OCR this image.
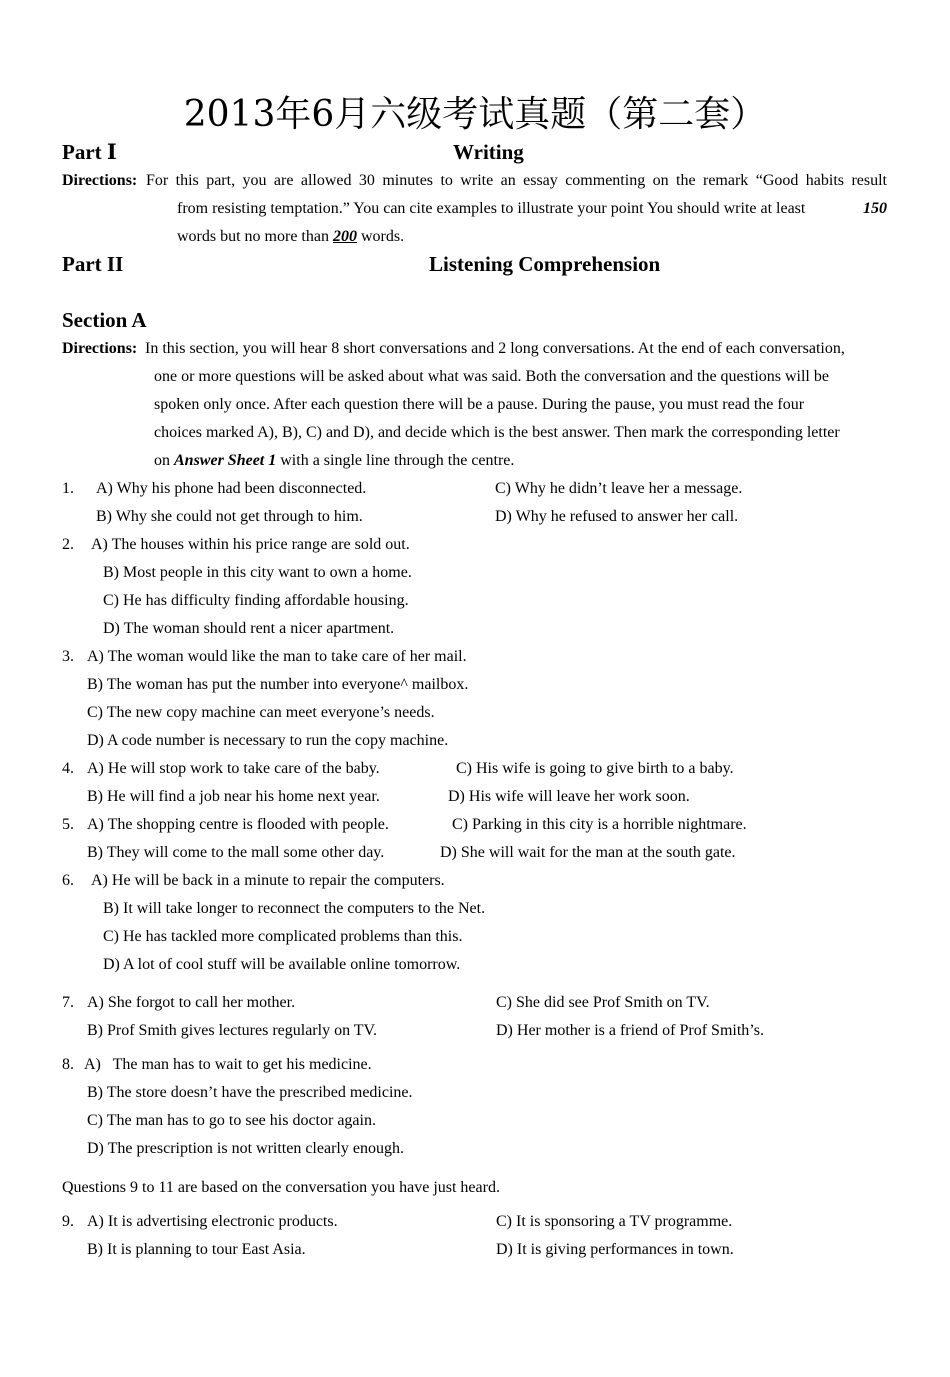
2013年6月六级考试真题（第二套）
Part Ⅰ	Writing
Directions: For this part, you are allowed 30 minutes to write an essay commenting on the remark “Good habits result
from resisting temptation.” You can cite examples to illustrate your point You should write at least	150
words but no more than 200 words.
Part II	Listening Comprehension
Section A
Directions: In this section, you will hear 8 short conversations and 2 long conversations. At the end of each conversation,
one or more questions will be asked about what was said. Both the conversation and the questions will be
spoken only once. After each question there will be a pause. During the pause, you must read the four
choices marked A), B), C) and D), and decide which is the best answer. Then mark the corresponding letter
on Answer Sheet 1 with a single line through the centre.
1. A) Why his phone had been disconnected.
B) Why she could not get through to him.
C) Why he didn’t leave her a message.
D) Why he refused to answer her call.
2. A) The houses within his price range are sold out.
B) Most people in this city want to own a home.
C) He has difficulty finding affordable housing.
D) The woman should rent a nicer apartment.
3. A) The woman would like the man to take care of her mail.
B) The woman has put the number into everyone^ mailbox.
C) The new copy machine can meet everyone’s needs.
D) A code number is necessary to run the copy machine.
4. A) He will stop work to take care of the baby.
B) He will find a job near his home next year.
C) His wife is going to give birth to a baby.
D) His wife will leave her work soon.
5. A) The shopping centre is flooded with people.
B) They will come to the mall some other day.
C) Parking in this city is a horrible nightmare.
D) She will wait for the man at the south gate.
6. A) He will be back in a minute to repair the computers.
B) It will take longer to reconnect the computers to the Net.
C) He has tackled more complicated problems than this.
D) A lot of cool stuff will be available online tomorrow.
7. A) She forgot to call her mother.
B) Prof Smith gives lectures regularly on TV.
C) She did see Prof Smith on TV.
D) Her mother is a friend of Prof Smith’s.
8. A)   The man has to wait to get his medicine.
B) The store doesn’t have the prescribed medicine.
C) The man has to go to see his doctor again.
D) The prescription is not written clearly enough.
Questions 9 to 11 are based on the conversation you have just heard.
9. A) It is advertising electronic products.
B) It is planning to tour East Asia.
C) It is sponsoring a TV programme.
D) It is giving performances in town.
